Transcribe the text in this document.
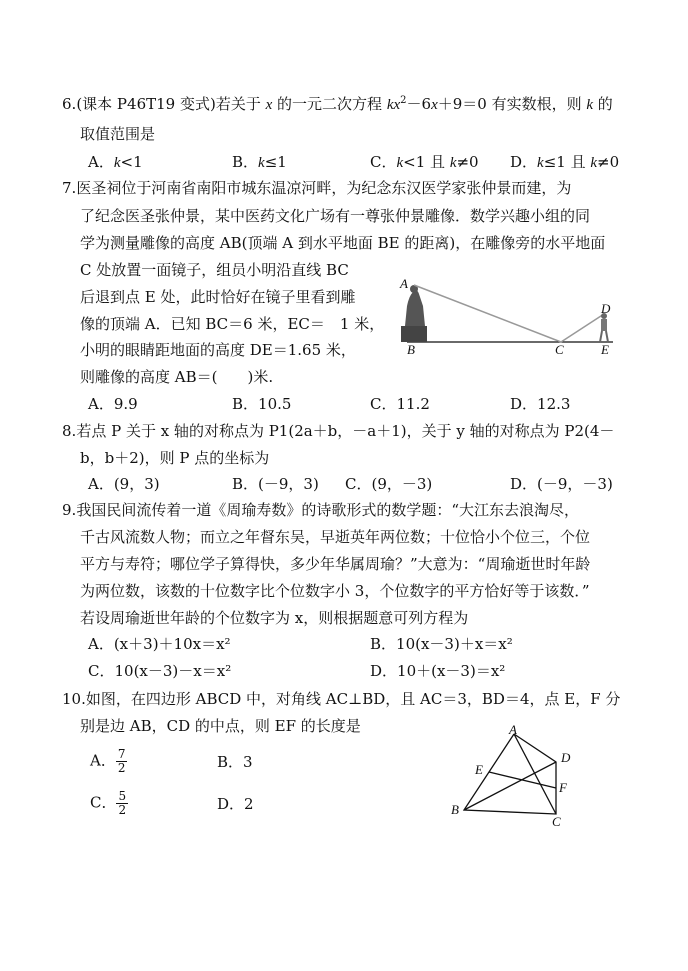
6.(课本 P46T19 变式)若关于 x 的一元二次方程 $kx^2-6x+9=0$ 有实数根，则 k 的
取值范围是
A．k<1	B．k≤1	C．k<1 且 k≠0 D．k≤1 且 k≠0
7.医圣祠位于河南省南阳市城东温凉河畔，为纪念东汉医学家张仲景而建，为
了纪念医圣张仲景，某中医药文化广场有一尊张仲景雕像．数学兴趣小组的同
学为测量雕像的高度 AB(顶端 A 到水平地面 BE 的距离)，在雕像旁的水平地面
C 处放置一面镜子，组员小明沿直线 BC
后退到点 E 处，此时恰好在镜子里看到雕
像的顶端 A．已知 BC＝6 米，EC＝　1 米，
小明的眼睛距地面的高度 DE＝1.65 米，
则雕像的高度 AB＝(　　)米.
A
B	C
D
E
A．9.9	B．10.5	C．11.2	D．12.3
8.若点 P 关于 x 轴的对称点为 P1(2a＋b，－a＋1)，关于 y 轴的对称点为 P2(4－
b，b＋2)，则 P 点的坐标为
A．(9，3)	B．(－9，3) C．(9，－3)	D．(－9，－3)
9.我国民间流传着一道《周瑜寿数》的诗歌形式的数学题：“大江东去浪淘尽，
千古风流数人物；而立之年督东吴，早逝英年两位数；十位恰小个位三，个位
平方与寿符；哪位学子算得快，多少年华属周瑜？”大意为：“周瑜逝世时年龄
为两位数，该数的十位数字比个位数字小 3，个位数字的平方恰好等于该数．”
若设周瑜逝世年龄的个位数字为 x，则根据题意可列方程为
A．(x＋3)＋10x＝x²	B．10(x－3)＋x＝x²
C．10(x－3)－x＝x²	D．10＋(x－3)＝x²
10.如图，在四边形 ABCD 中，对角线 AC⊥BD，且 AC＝3，BD＝4，点 E，F 分
别是边 AB，CD 的中点，则 EF 的长度是
A． $\frac{7}{2}$	B．3
C． $\frac{5}{2}$	D．2
A
B
C
D
E
F
